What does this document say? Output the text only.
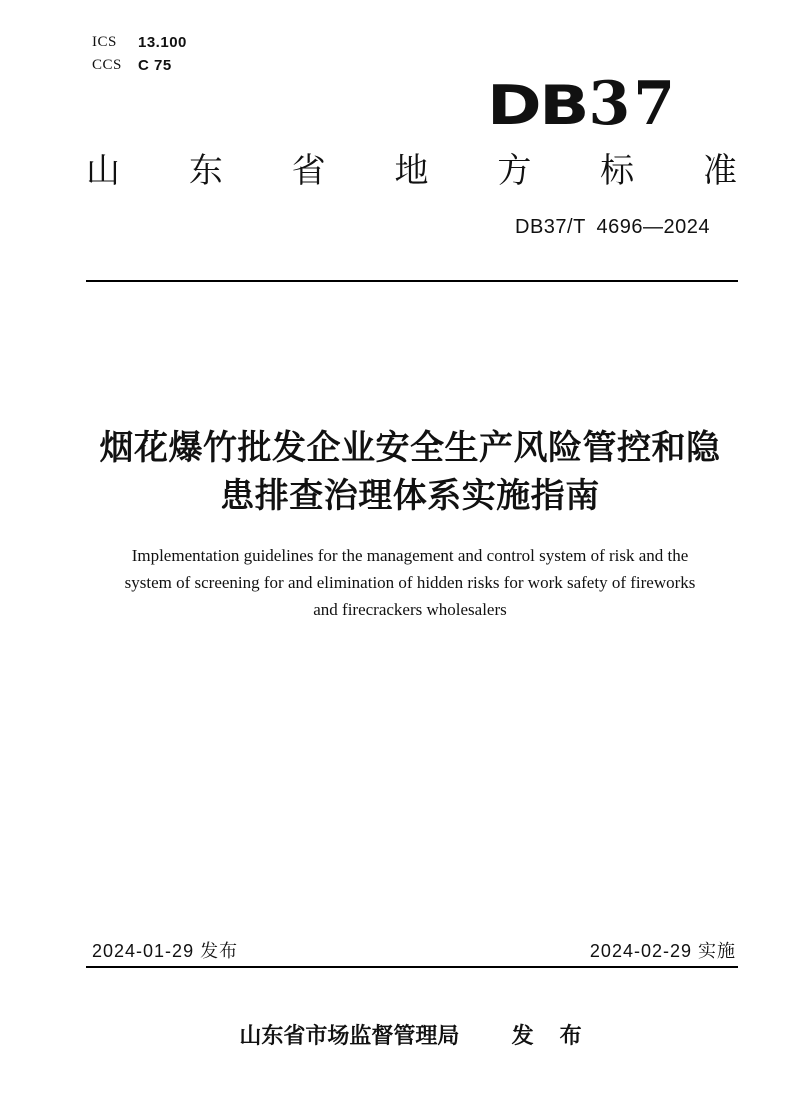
ICS	13.100
CCS	C 75
DB 37
山 东 省 地 方 标 准
DB37/T 4696—2024
烟花爆竹批发企业安全生产风险管控和隐
患排查治理体系实施指南
Implementation guidelines for the management and control system of risk and the
system of screening for and elimination of hidden risks for work safety of fireworks
and firecrackers wholesalers
2024-01-29 发布	2024-02-29 实施
山东省市场监督管理局 发　布
